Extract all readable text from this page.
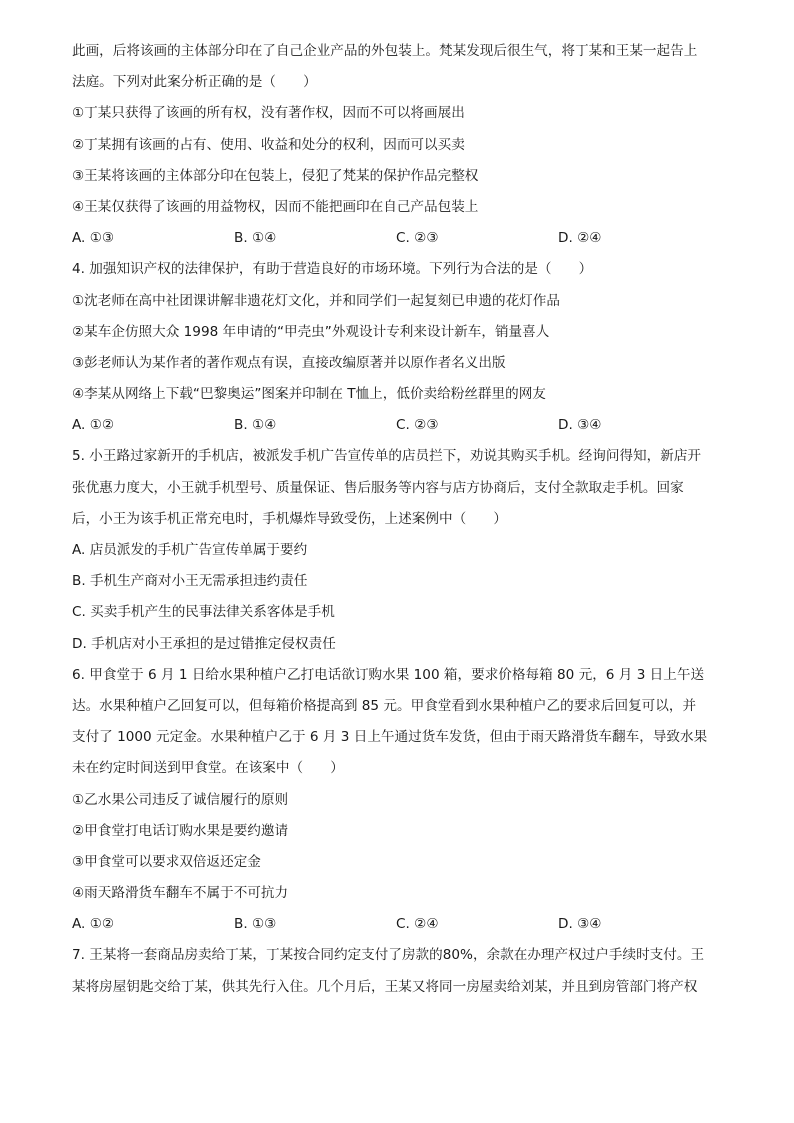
此画，后将该画的主体部分印在了自己企业产品的外包装上。梵某发现后很生气，将丁某和王某一起告上
法庭。下列对此案分析正确的是（　　）
①丁某只获得了该画的所有权，没有著作权，因而不可以将画展出
②丁某拥有该画的占有、使用、收益和处分的权利，因而可以买卖
③王某将该画的主体部分印在包装上，侵犯了梵某的保护作品完整权
④王某仅获得了该画的用益物权，因而不能把画印在自己产品包装上
A. ①③	B. ①④	C. ②③	D. ②④
4. 加强知识产权的法律保护，有助于营造良好的市场环境。下列行为合法的是（　　）
①沈老师在高中社团课讲解非遗花灯文化，并和同学们一起复刻已申遗的花灯作品
②某车企仿照大众 1998 年申请的“甲壳虫”外观设计专利来设计新车，销量喜人
③彭老师认为某作者的著作观点有误，直接改编原著并以原作者名义出版
④李某从网络上下载“巴黎奥运”图案并印制在 T恤上，低价卖给粉丝群里的网友
A. ①②	B. ①④	C. ②③	D. ③④
5. 小王路过家新开的手机店，被派发手机广告宣传单的店员拦下，劝说其购买手机。经询问得知，新店开
张优惠力度大，小王就手机型号、质量保证、售后服务等内容与店方协商后，支付全款取走手机。回家
后，小王为该手机正常充电时，手机爆炸导致受伤，上述案例中（　　）
A. 店员派发的手机广告宣传单属于要约
B. 手机生产商对小王无需承担违约责任
C. 买卖手机产生的民事法律关系客体是手机
D. 手机店对小王承担的是过错推定侵权责任
6. 甲食堂于 6 月 1 日给水果种植户乙打电话欲订购水果 100 箱，要求价格每箱 80 元，6 月 3 日上午送
达。水果种植户乙回复可以，但每箱价格提高到 85 元。甲食堂看到水果种植户乙的要求后回复可以，并
支付了 1000 元定金。水果种植户乙于 6 月 3 日上午通过货车发货，但由于雨天路滑货车翻车，导致水果
未在约定时间送到甲食堂。在该案中（　　）
①乙水果公司违反了诚信履行的原则
②甲食堂打电话订购水果是要约邀请
③甲食堂可以要求双倍返还定金
④雨天路滑货车翻车不属于不可抗力
A. ①②	B. ①③	C. ②④	D. ③④
7. 王某将一套商品房卖给丁某，丁某按合同约定支付了房款的80%，余款在办理产权过户手续时支付。王
某将房屋钥匙交给丁某，供其先行入住。几个月后，王某又将同一房屋卖给刘某，并且到房管部门将产权
